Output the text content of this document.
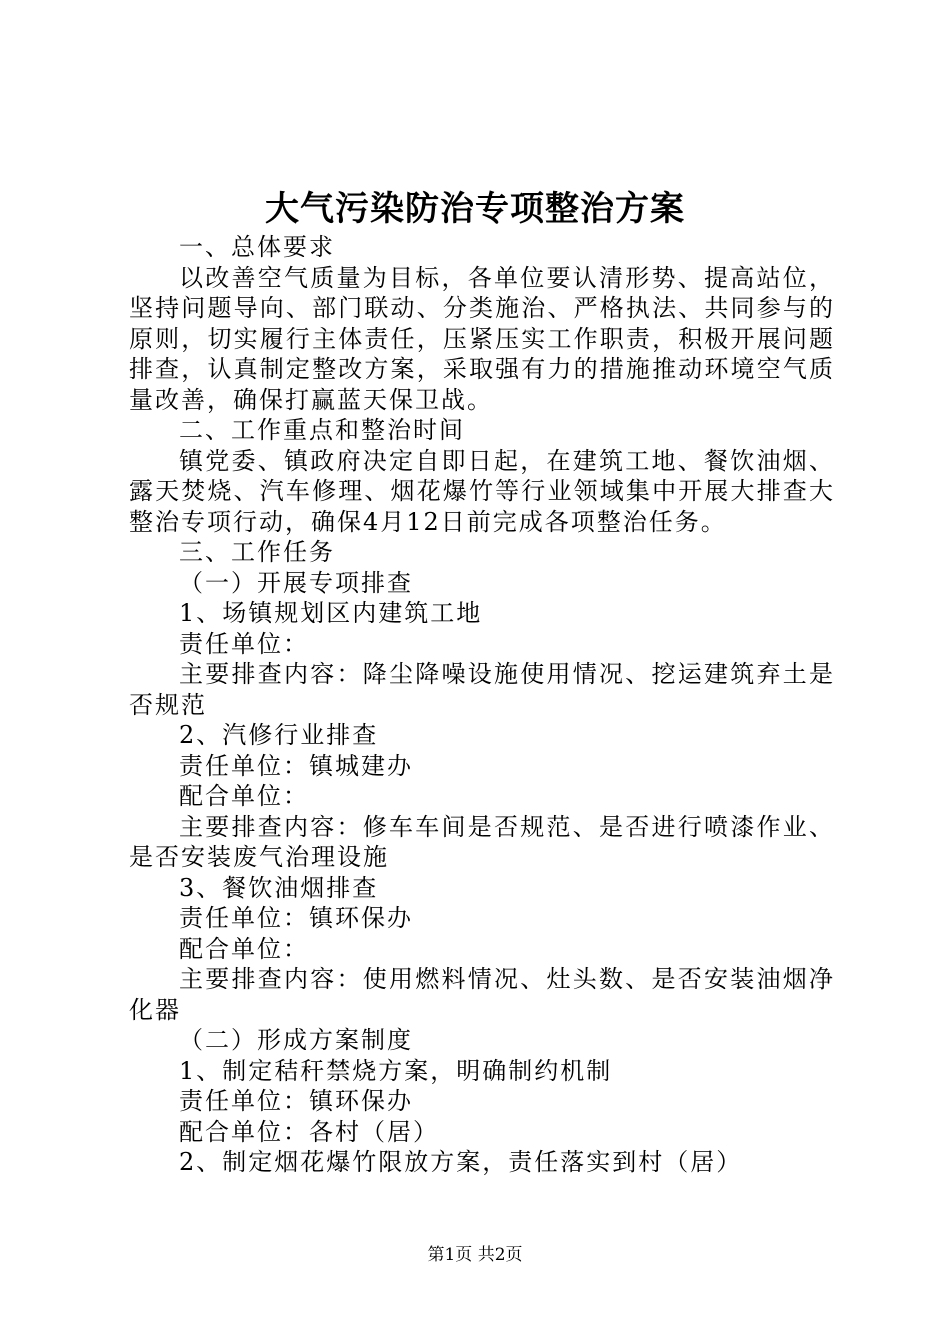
大气污染防治专项整治方案

一、总体要求

以改善空气质量为目标，各单位要认清形势、提高站位，坚持问题导向、部门联动、分类施治、严格执法、共同参与的原则，切实履行主体责任，压紧压实工作职责，积极开展问题排查，认真制定整改方案，采取强有力的措施推动环境空气质量改善，确保打赢蓝天保卫战。

二、工作重点和整治时间

镇党委、镇政府决定自即日起，在建筑工地、餐饮油烟、露天焚烧、汽车修理、烟花爆竹等行业领域集中开展大排查大整治专项行动，确保4月12日前完成各项整治任务。

三、工作任务

（一）开展专项排查

1、场镇规划区内建筑工地

责任单位：

主要排查内容：降尘降噪设施使用情况、挖运建筑弃土是否规范

2、汽修行业排查

责任单位：镇城建办

配合单位：

主要排查内容：修车车间是否规范、是否进行喷漆作业、是否安装废气治理设施

3、餐饮油烟排查

责任单位：镇环保办

配合单位：

主要排查内容：使用燃料情况、灶头数、是否安装油烟净化器

（二）形成方案制度

1、制定秸秆禁烧方案，明确制约机制

责任单位：镇环保办

配合单位：各村（居）

2、制定烟花爆竹限放方案，责任落实到村（居）

第1页 共2页
